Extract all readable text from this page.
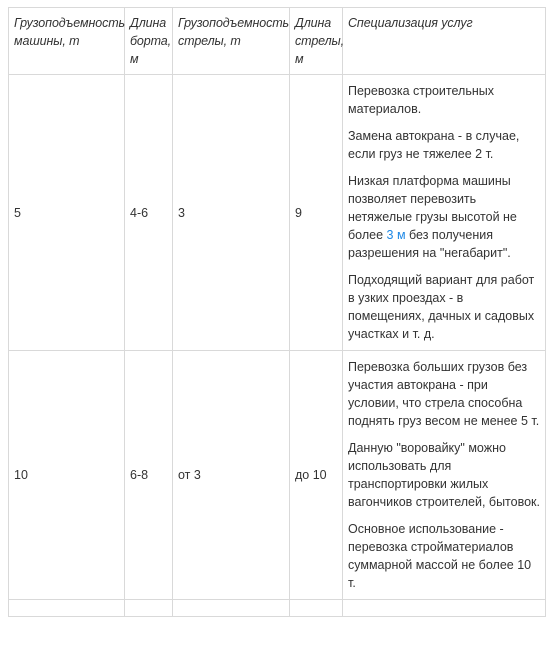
Грузоподъемность машины, т	Длина борта, м	Грузоподъемность стрелы, т	Длина стрелы, м	Специализация услуг
5	4-6	3	9	Перевозка строительных материалов.

Замена автокрана - в случае, если груз не тяжелее 2 т.

Низкая платформа машины позволяет перевозить нетяжелые грузы высотой не более 3 м без получения разрешения на "негабарит".

Подходящий вариант для работ в узких проездах - в помещениях, дачных и садовых участках и т. д.

10	6-8	от 3	до 10	Перевозка больших грузов без участия автокрана - при условии, что стрела способна поднять груз весом не менее 5 т.

Данную "воровайку" можно использовать для транспортировки жилых вагончиков строителей, бытовок.

Основное использование - перевозка стройматериалов суммарной массой не более 10 т.
